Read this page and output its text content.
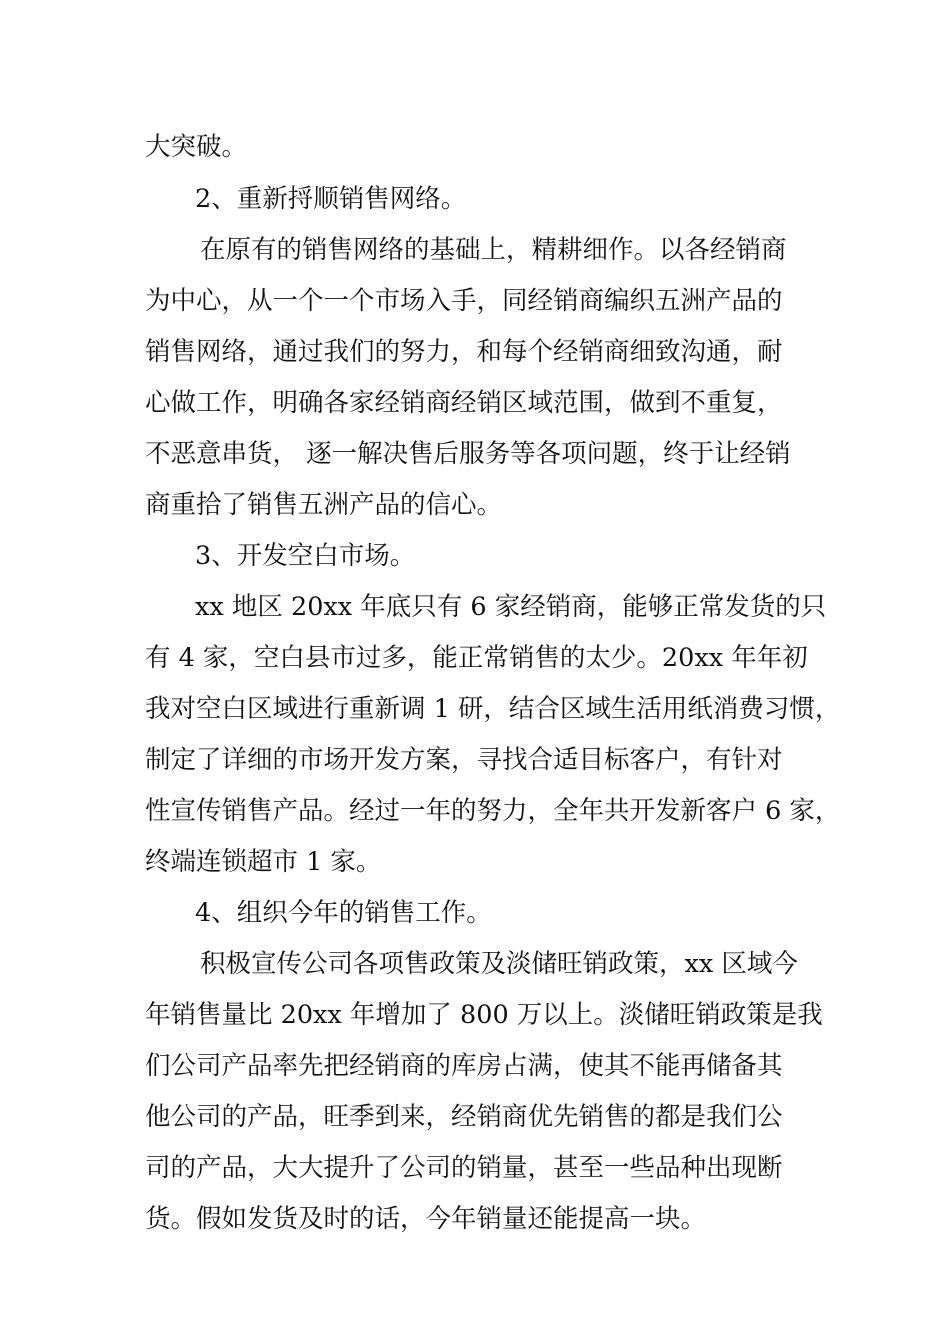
大突破。
2、重新捋顺销售网络。
在原有的销售网络的基础上，精耕细作。以各经销商
为中心，从一个一个市场入手，同经销商编织五洲产品的
销售网络，通过我们的努力，和每个经销商细致沟通，耐
心做工作，明确各家经销商经销区域范围，做到不重复，
不恶意串货， 逐一解决售后服务等各项问题，终于让经销
商重拾了销售五洲产品的信心。
3、开发空白市场。
xx 地区 20xx 年底只有 6 家经销商，能够正常发货的只
有 4 家，空白县市过多，能正常销售的太少。20xx 年年初
我对空白区域进行重新调 1 研，结合区域生活用纸消费习惯，
制定了详细的市场开发方案，寻找合适目标客户，有针对
性宣传销售产品。经过一年的努力，全年共开发新客户 6 家，
终端连锁超市 1 家。
4、组织今年的销售工作。
积极宣传公司各项售政策及淡储旺销政策，xx 区域今
年销售量比 20xx 年增加了 800 万以上。淡储旺销政策是我
们公司产品率先把经销商的库房占满，使其不能再储备其
他公司的产品，旺季到来，经销商优先销售的都是我们公
司的产品，大大提升了公司的销量，甚至一些品种出现断
货。假如发货及时的话，今年销量还能提高一块。
